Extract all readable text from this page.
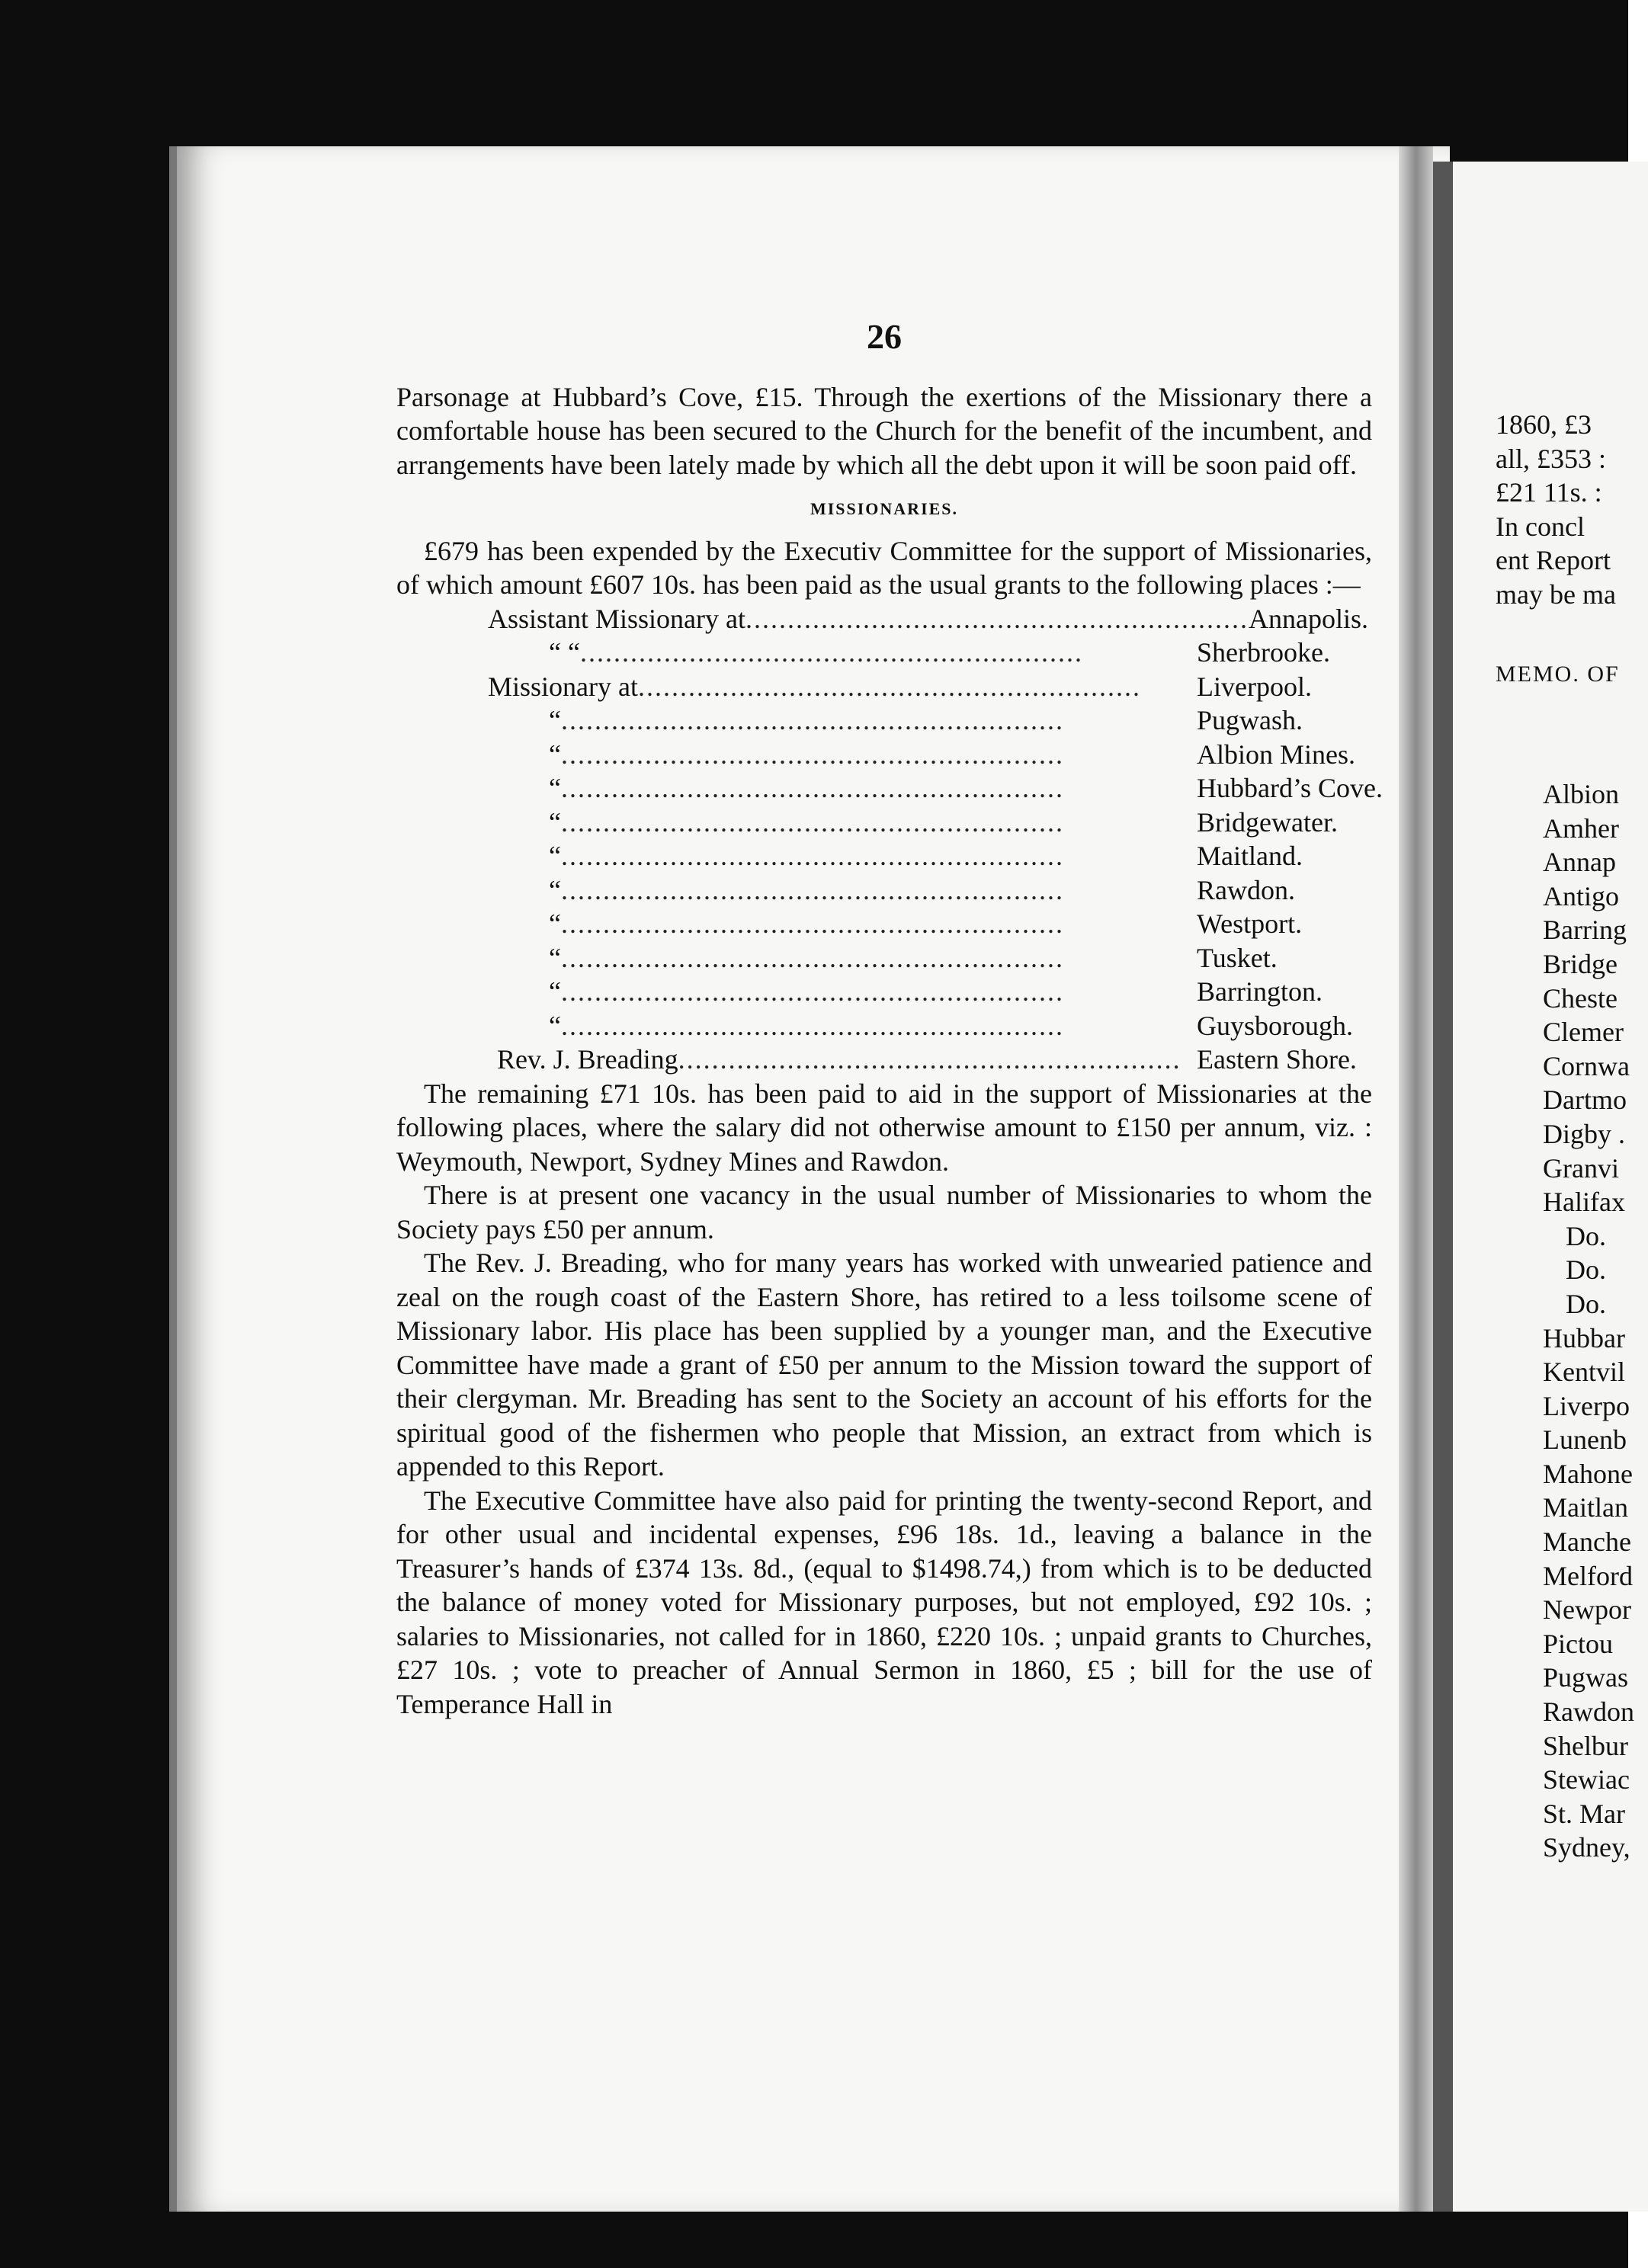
26

Parsonage at Hubbard’s Cove, £15. Through the exertions of the Missionary there a comfortable house has been secured to the Church for the benefit of the incumbent, and arrangements have been lately made by which all the debt upon it will be soon paid off.

MISSIONARIES.

£679 has been expended by the Executiv Committee for the support of Missionaries, of which amount £607 10s. has been paid as the usual grants to the following places :—

Assistant Missionary at ............................................................ Annapolis.
“ “ ............................................................	Sherbrooke.
Missionary at ............................................................	Liverpool.
“ ............................................................	Pugwash.
“ ............................................................	Albion Mines.
“ ............................................................	Hubbard’s Cove.
“ ............................................................	Bridgewater.
“ ............................................................	Maitland.
“ ............................................................	Rawdon.
“ ............................................................	Westport.
“ ............................................................	Tusket.
“ ............................................................	Barrington.
“ ............................................................	Guysborough.
Rev. J. Breading ............................................................ Eastern Shore.

The remaining £71 10s. has been paid to aid in the support of Missionaries at the following places, where the salary did not otherwise amount to £150 per annum, viz. : Weymouth, Newport, Sydney Mines and Rawdon.

There is at present one vacancy in the usual number of Missionaries to whom the Society pays £50 per annum.

The Rev. J. Breading, who for many years has worked with unwearied patience and zeal on the rough coast of the Eastern Shore, has retired to a less toilsome scene of Missionary labor. His place has been supplied by a younger man, and the Executive Committee have made a grant of £50 per annum to the Mission toward the support of their clergyman. Mr. Breading has sent to the Society an account of his efforts for the spiritual good of the fishermen who people that Mission, an extract from which is appended to this Report.

The Executive Committee have also paid for printing the twenty-second Report, and for other usual and incidental expenses, £96 18s. 1d., leaving a balance in the Treasurer’s hands of £374 13s. 8d., (equal to $1498.74,) from which is to be deducted the balance of money voted for Missionary purposes, but not employed, £92 10s. ; salaries to Missionaries, not called for in 1860, £220 10s. ; unpaid grants to Churches, £27 10s. ; vote to preacher of Annual Sermon in 1860, £5 ; bill for the use of Temperance Hall in

1860, £3

all, £353 :

£21 11s. :

In concl

ent Report

may be ma

MEMO. OF
Albion
Amher
Annap
Antigo
Barring
Bridge
Cheste
Clemer
Cornwa
Dartmo
Digby .
Granvi
Halifax
Do.
Do.
Do.
Hubbar
Kentvil
Liverpo
Lunenb
Mahone
Maitlan
Manche
Melford
Newpor
Pictou
Pugwas
Rawdon
Shelbur
Stewiac
St. Mar
Sydney,
